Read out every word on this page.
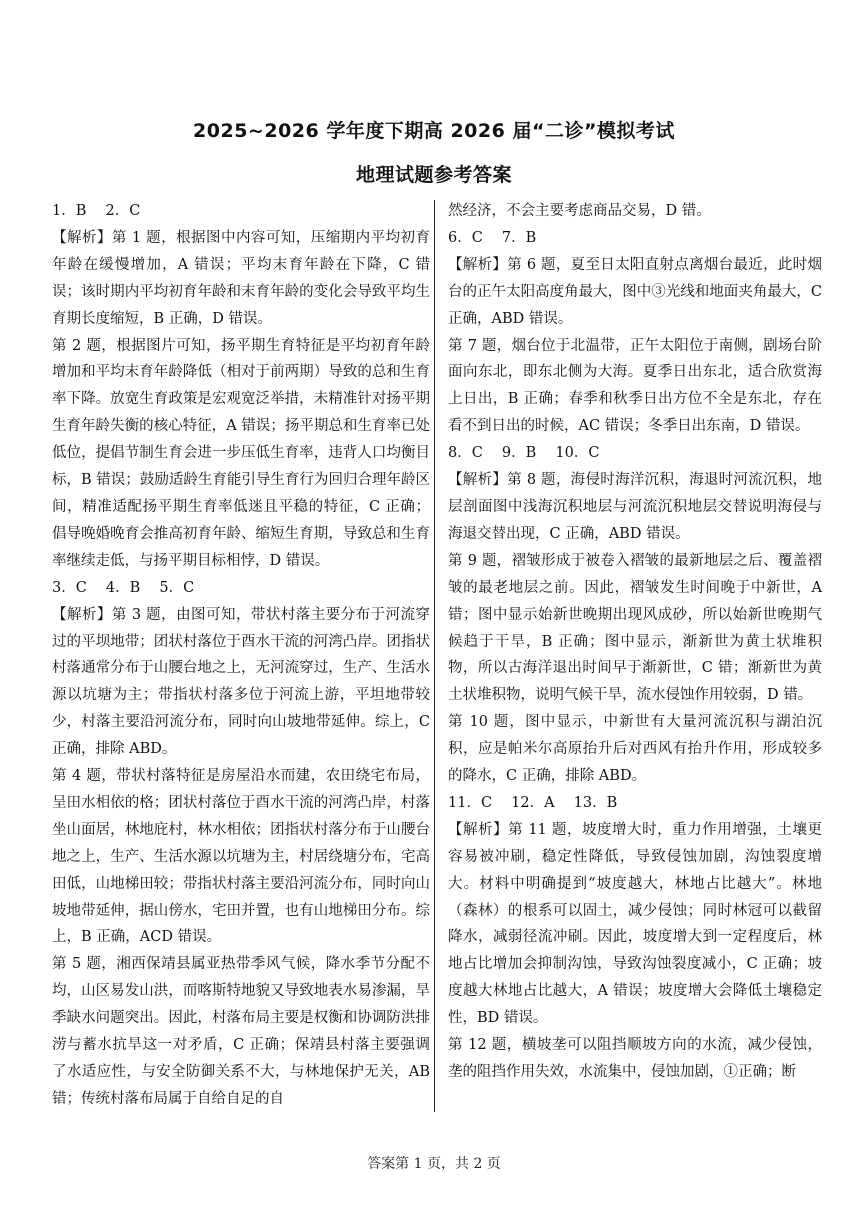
2025~2026 学年度下期高 2026 届“二诊”模拟考试
地理试题参考答案

1．B　 2．C

【解析】第 1 题，根据图中内容可知，压缩期内平均初育年龄在缓慢增加，A 错误；平均末育年龄在下降，C 错误；该时期内平均初育年龄和末育年龄的变化会导致平均生育期长度缩短，B 正确，D 错误。

第 2 题，根据图片可知，扬平期生育特征是平均初育年龄增加和平均末育年龄降低（相对于前两期）导致的总和生育率下降。放宽生育政策是宏观宽泛举措，未精准针对扬平期生育年龄失衡的核心特征，A 错误；扬平期总和生育率已处低位，提倡节制生育会进一步压低生育率，违背人口均衡目标，B 错误；鼓励适龄生育能引导生育行为回归合理年龄区间，精准适配扬平期生育率低迷且平稳的特征，C 正确；倡导晚婚晚育会推高初育年龄、缩短生育期，导致总和生育率继续走低，与扬平期目标相悖，D 错误。

3．C　 4．B　 5．C

【解析】第 3 题，由图可知，带状村落主要分布于河流穿过的平坝地带；团状村落位于酉水干流的河湾凸岸。团指状村落通常分布于山腰台地之上，无河流穿过，生产、生活水源以坑塘为主；带指状村落多位于河流上游，平坦地带较少，村落主要沿河流分布，同时向山坡地带延伸。综上，C 正确，排除 ABD。

第 4 题，带状村落特征是房屋沿水而建，农田绕宅布局，呈田水相依的格；团状村落位于酉水干流的河湾凸岸，村落坐山面居，林地庇村，林水相依；团指状村落分布于山腰台地之上，生产、生活水源以坑塘为主，村居绕塘分布，宅高田低，山地梯田较；带指状村落主要沿河流分布，同时向山坡地带延伸，据山傍水，宅田并置，也有山地梯田分布。综上，B 正确，ACD 错误。

第 5 题，湘西保靖县属亚热带季风气候，降水季节分配不均，山区易发山洪，而喀斯特地貌又导致地表水易渗漏，旱季缺水问题突出。因此，村落布局主要是权衡和协调防洪排涝与蓄水抗旱这一对矛盾，C 正确；保靖县村落主要强调了水适应性，与安全防御关系不大，与林地保护无关，AB 错；传统村落布局属于自给自足的自

然经济，不会主要考虑商品交易，D 错。

6．C　 7．B

【解析】第 6 题，夏至日太阳直射点离烟台最近，此时烟台的正午太阳高度角最大，图中③光线和地面夹角最大，C 正确，ABD 错误。

第 7 题，烟台位于北温带，正午太阳位于南侧，剧场台阶面向东北，即东北侧为大海。夏季日出东北，适合欣赏海上日出，B 正确；春季和秋季日出方位不全是东北，存在看不到日出的时候，AC 错误；冬季日出东南，D 错误。

8．C　 9．B　 10．C

【解析】第 8 题，海侵时海洋沉积，海退时河流沉积，地层剖面图中浅海沉积地层与河流沉积地层交替说明海侵与海退交替出现，C 正确，ABD 错误。

第 9 题，褶皱形成于被卷入褶皱的最新地层之后、覆盖褶皱的最老地层之前。因此，褶皱发生时间晚于中新世，A 错；图中显示始新世晚期出现风成砂，所以始新世晚期气候趋于干旱，B 正确；图中显示，渐新世为黄土状堆积物，所以古海洋退出时间早于渐新世，C 错；渐新世为黄土状堆积物，说明气候干旱，流水侵蚀作用较弱，D 错。

第 10 题，图中显示，中新世有大量河流沉积与湖泊沉积，应是帕米尔高原抬升后对西风有抬升作用，形成较多的降水，C 正确，排除 ABD。

11．C　 12．A　 13．B

【解析】第 11 题，坡度增大时，重力作用增强，土壤更容易被冲刷，稳定性降低，导致侵蚀加剧，沟蚀裂度增大。材料中明确提到“坡度越大，林地占比越大”。林地（森林）的根系可以固土，减少侵蚀；同时林冠可以截留降水，减弱径流冲刷。因此，坡度增大到一定程度后，林地占比增加会抑制沟蚀，导致沟蚀裂度减小，C 正确；坡度越大林地占比越大，A 错误；坡度增大会降低土壤稳定性，BD 错误。

第 12 题，横坡垄可以阻挡顺坡方向的水流，减少侵蚀，垄的阻挡作用失效，水流集中，侵蚀加剧，①正确；断

答案第 1 页，共 2 页
